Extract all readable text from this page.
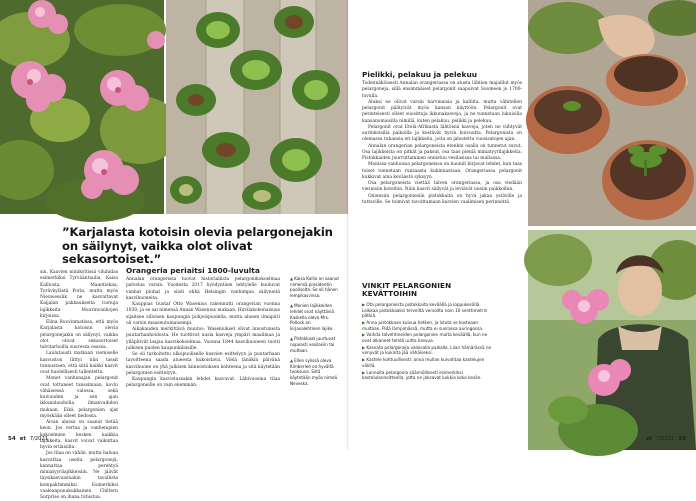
”Karjalasta kotoisin olevia pelargonejakin on säilynyt, vaikka olot olivat sekasortoiset.”

sin. Kaavien nimikyltissä viluhidas esimerkiksi Tyrvääntuulia, Kaisa Kalliosta, Maantiekaa, Tyrävkylästä Porin, mutta myös Nieuwesslik ne kasvattavat Kaijalan pakkaukselta tuotuja lajikkeita Muurinvanhojen kirjoissa.

Elina Ruovinmatissa, että myös Karjalasta kotoisin olevia pelargonejakin on säilynyt, vaikka olot olivat sekasortoiset talvitarhoilla suuressa osassa.

Laulutausti matkaan viemiselle kasvuston liittyi niin tassit tunnustaen, että siitä kaikki kasvit ovat huolellisesti tallentettu.

Monet vanhanajan pelargonit ovat tottuneet tanssimaan, kovin vähäisessä valossa, sekä kuivuuden ja sen ajan ikkunalaudoilla ilmanvaihdon mukaan. Eikä pelargonien ajat myöskään olleet tiedossa.

Aivan alussa on saanut tietää keon. Jos vertaa ja vanhempien kokoelmien kesken kaikkia lajikkeita, kasvit voivat vaikuttaa hyvin erilaisilta.

Jos tilaa on vähän, mutta haluaa kasvattaa useita pelargonejä, kannattaa perehtyä miniatyyrilajikkeisiin. Ne jäävät täysikasvuisinakin tavallista kompaktimmiksi. Esimerkiksi vaaleanpunakukkainen Chiltern Surprise on ihana tutustua.

Orangeria periaitsi 1800-luvulta

Annalan orangerissa luovat historiallista pelargonikokoelmaa palvelua varsin. Vuodesta 2017 hyödyntäen lehtylelle kuuluvat vanhat piuhat ja siisti ehkä Helsingin vanhimpia säilyneitä kasvihuoneita.

Kauppias Gustaf Otto Wasenius rakennutti orangerian vuonna 1830, ja se sai nimensä Annan Wasenius mukaan. Huvilakokonaisuus sijaitsee silloisen kaupungin pohjoispuolella, mutta alueen ilmapiiri oli varsin maaseutumaisempi.

Aikakauden merkittävä muutos: Waseniukset olivat innostuneita puutarhanhoidosta. He tuottivat uusia kasveja ympäri maailmaa ja ylläpitivät laajaa kasvikokoelmaa. Vuonna 1844 kasvihuoneen tuotti julkisen puolen kaupunkilaisille.

Se oli tarkoitettu ulkopuoliselle kasvien esittelyyn ja puutarhaan tavoitteena saada alueesta kukoistava. Vielä tänäkin päivänä kasvihuone on yhä julkisen kiinnostuksen kohteena ja sitä käytetään pelargonien esittelyyn.

Kaupungin kasvistussakin lehdet kasvavat. Lähivuosina tilaa pelargoneille on vain enemmän.

▲Kaisa Kallio on saanut nimensä presidentin puolisolta. Se oli hänen lempikasvinsa.
▲Monien lajikkeiden lehdet ovat näyttäviä. Kaskella oleva Mrs. Pollock on kirjavalehtinen lajike.
▲Pistokkaat juurtuvat nopeasti vesilasiin tai multaan.
▲Ellen sylissä oleva Kimberlee on hyvältä tuoksuva. Siitä käytetään myös nimeä Neveska.
54 et 7/2021
Pielikki, pelakuu ja pelekuu

Todennäköisesti Annalan orangeriassa on alusta lähtien majaillut myös pelargoneja, sillä ensimmäiset pelargonit saapuivat Suomeen jo 1700-luvulla.

Aluksi ne olivat varsin harvinaisia ja kalliita, mutta vähitellen pelargonit päätyivät myös kansan käyttöön. Pelargonit ovat perinteisesti olleet suosittuja ikkunakasveja, ja ne tunnetaan lukuisilla kansanomaisilla nimillä, kuten pelakuu, pelikki ja pelekuu.

Pelargonit ovat Etelä-Afrikasta lähtöisiä kasveja, joten ne viihtyvät aurinkoisilla paikoilla ja kestävät hyvin kuivuutta. Pelargonista on olemassa tuhansia eri lajikkeita, joita on jalostettu vuosisatojen ajan.

Annalan orangerian pelargoneista etenkin osalla on tunnetut suvut. Osa lajikkeista on pitkät ja paksut, osa taas pieniä miniatyyrilajikkeita. Pistokkaiden juurruttaminen onnistuu vesilasissa tai mullassa.

Monissa vanhoissa pelargoneissa on kauniit kirjavat lehdet, kun taas toiset tunnetaan runsaasta kukinnastaan. Orangeriassa pelargonit kukkivat aina keväästä syksyyn.

Osa pelargoneista viettää talven orangeriassa, ja osa viedään vieraisiin koteihin. Näin kasvit säilyvät ja leviävät uusiin paikkoihin.

Oniensiin pelargoniesiin pistokkaita on hyvä jakaa ystäville ja tuttaville. Se toimivat tavoittamaan kasvien vaalimisen perinnettä.

VINKIT PELARGONIEN
KEVÄTTOIHIN
▶ Ota pelargoneista pistokkaita keväällä ja loppukesällä. Leikkaa pistokkaaksi terveiltä versoilta noin 10 senttimetrin pätkiä.
▶ Anna pistokkaan kuivua hetken, ja istuta se kosteaan multaan. Pidä lämpimässä, mutta ei suorassa auringossa.
▶ Vaihda talvehtineiden pelargonien multa keväällä, kun ne ovat alkaneet tehdä uutta kasvua.
▶ Kasvata pelargoneja valoisalla paikalla. Liian hämärässä ne venyvät ja kukinta jää vähäiseksi.
▶ Kastele kohtuullisesti: anna mullan kuivahtaa kastelujen välillä.
▶ Lannoita pelargonia säännöllisesti esimerkiksi kastelulannoitteella, jotta ne jaksavat kukkia koko kesän.
et 7/2021 55
